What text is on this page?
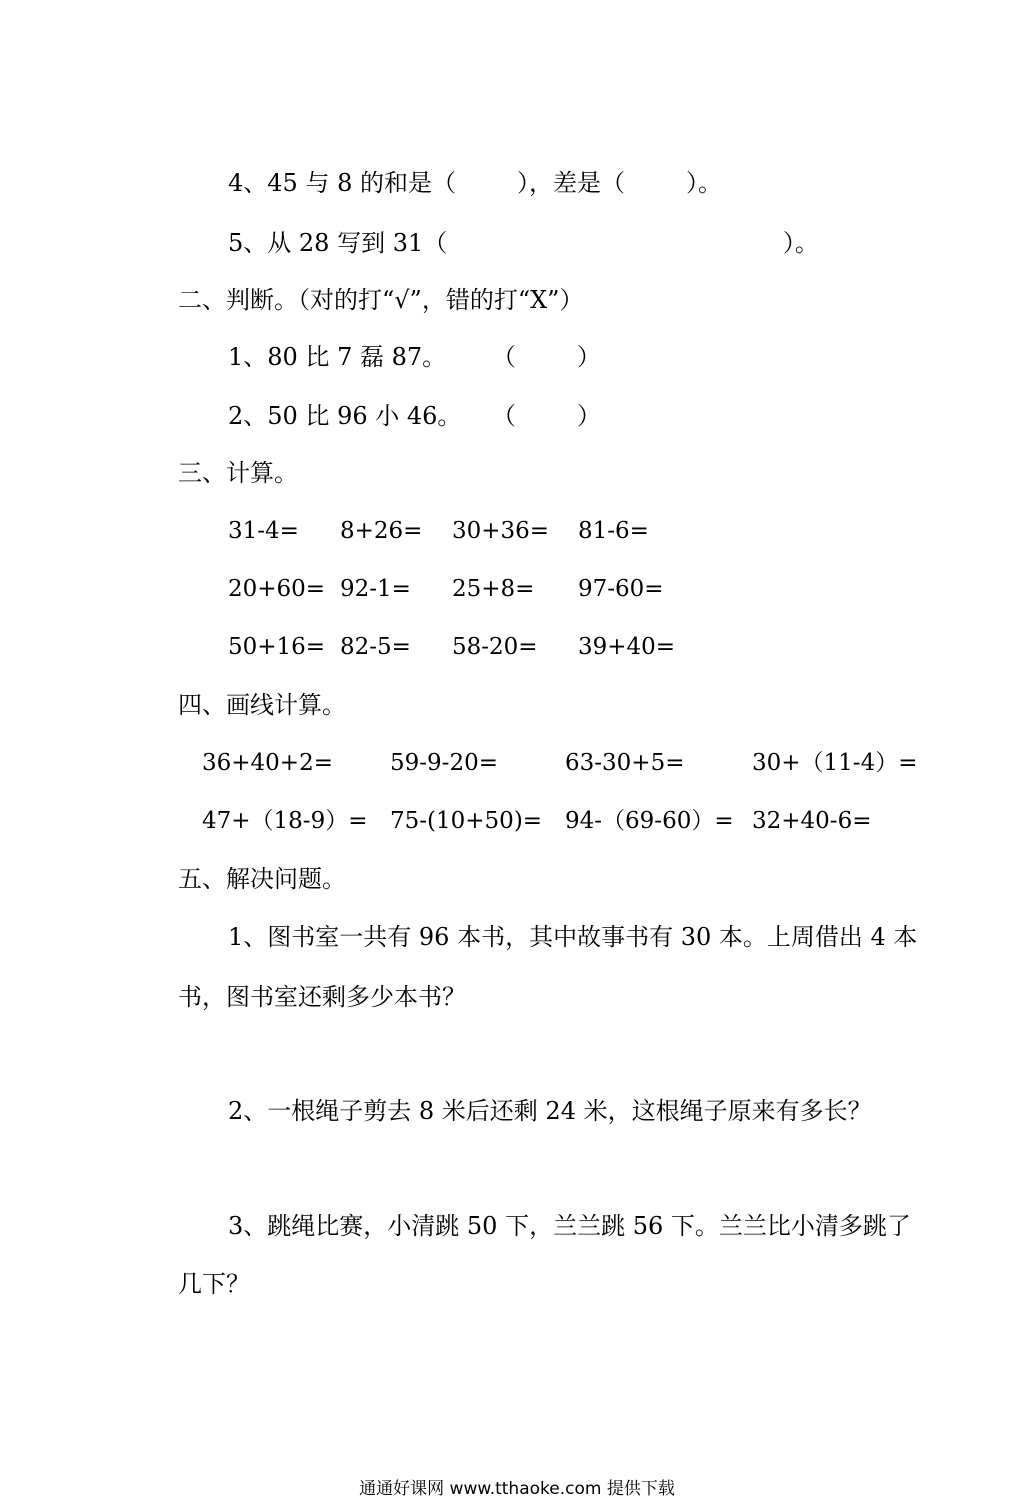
4、45 与 8 的和是（        ），差是（        ）。
5、从 28 写到 31（                                            ）。
二、判断。（对的打“√”，错的打“X”）
1、80 比 7 磊 87。      （        ）
2、50 比 96 小 46。    （        ）
三、计算。
31-4= 8+26= 30+36= 81-6=
20+60= 92-1= 25+8= 97-60=
50+16= 82-5= 58-20= 39+40=
四、画线计算。
36+40+2= 59-9-20=	63-30+5=	30+（11-4）=
47+（18-9）= 75-(10+50)= 94-（69-60）= 32+40-6=
五、解决问题。
1、图书室一共有 96 本书，其中故事书有 30 本。上周借出 4 本
书，图书室还剩多少本书？
2、一根绳子剪去 8 米后还剩 24 米，这根绳子原来有多长？
3、跳绳比赛，小清跳 50 下，兰兰跳 56 下。兰兰比小清多跳了
几下？
通通好课网 www.tthaoke.com 提供下载
